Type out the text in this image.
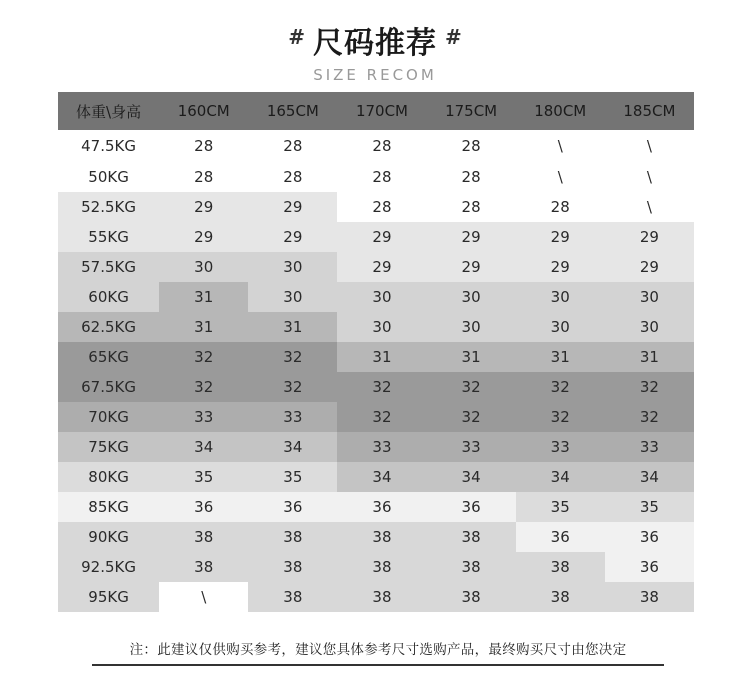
# 尺码推荐 #
SIZE RECOM
体重\身高	160CM	165CM	170CM	175CM	180CM	185CM
47.5KG	28	28	28	28	\	\
50KG	28	28	28	28	\	\
52.5KG	29	29	28	28	28	\
55KG	29	29	29	29	29	29
57.5KG	30	30	29	29	29	29
60KG	31	30	30	30	30	30
62.5KG	31	31	30	30	30	30
65KG	32	32	31	31	31	31
67.5KG	32	32	32	32	32	32
70KG	33	33	32	32	32	32
75KG	34	34	33	33	33	33
80KG	35	35	34	34	34	34
85KG	36	36	36	36	35	35
90KG	38	38	38	38	36	36
92.5KG	38	38	38	38	38	36
95KG	\	38	38	38	38	38
注：此建议仅供购买参考，建议您具体参考尺寸选购产品，最终购买尺寸由您决定
